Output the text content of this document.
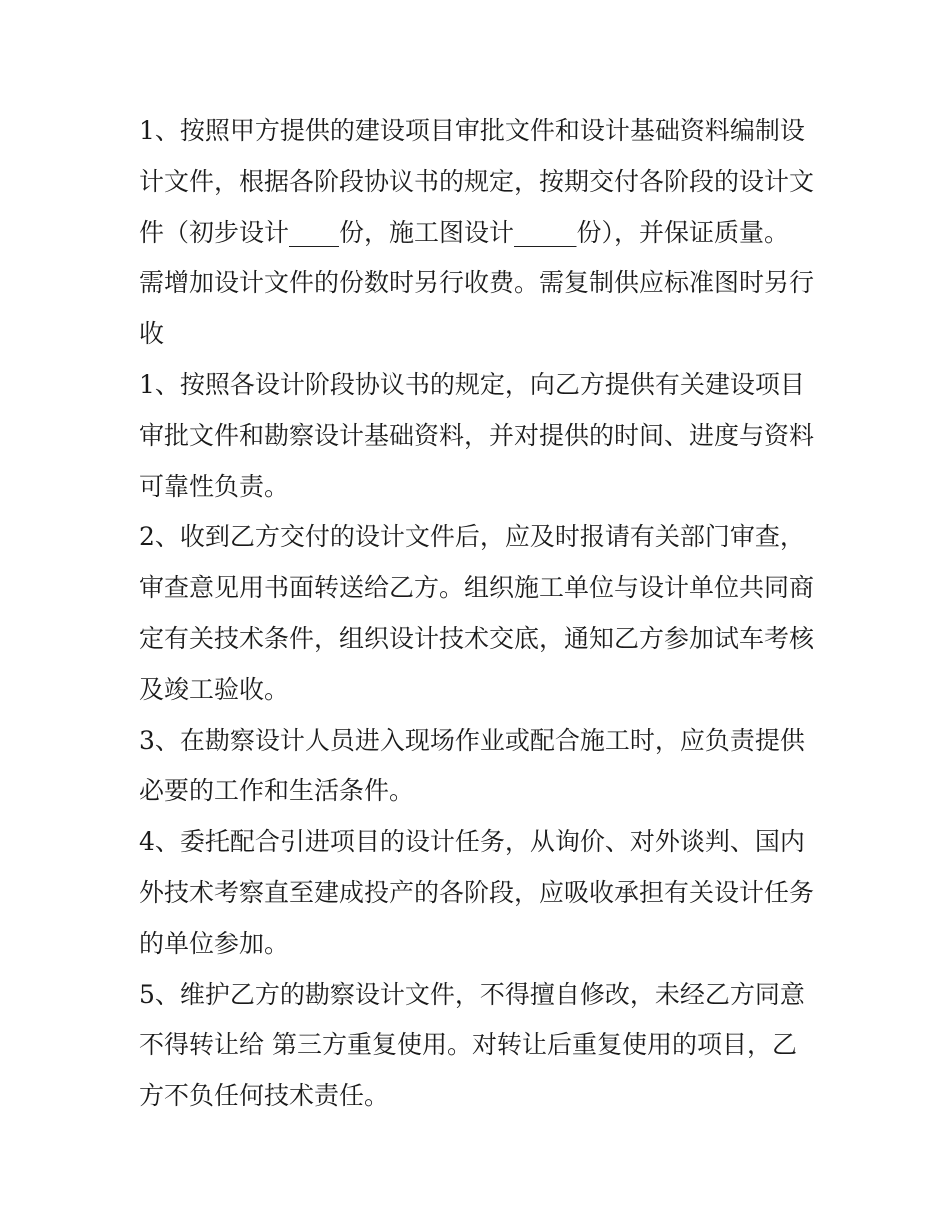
1、按照甲方提供的建设项目审批文件和设计基础资料编制设
计文件，根据各阶段协议书的规定，按期交付各阶段的设计文
件（初步设计____份，施工图设计_____份），并保证质量。
需增加设计文件的份数时另行收费。需复制供应标准图时另行
收
1、按照各设计阶段协议书的规定，向乙方提供有关建设项目
审批文件和勘察设计基础资料，并对提供的时间、进度与资料
可靠性负责。
2、收到乙方交付的设计文件后，应及时报请有关部门审查，
审查意见用书面转送给乙方。组织施工单位与设计单位共同商
定有关技术条件，组织设计技术交底，通知乙方参加试车考核
及竣工验收。
3、在勘察设计人员进入现场作业或配合施工时，应负责提供
必要的工作和生活条件。
4、委托配合引进项目的设计任务，从询价、对外谈判、国内
外技术考察直至建成投产的各阶段，应吸收承担有关设计任务
的单位参加。
5、维护乙方的勘察设计文件，不得擅自修改，未经乙方同意
不得转让给 第三方重复使用。对转让后重复使用的项目，乙
方不负任何技术责任。
